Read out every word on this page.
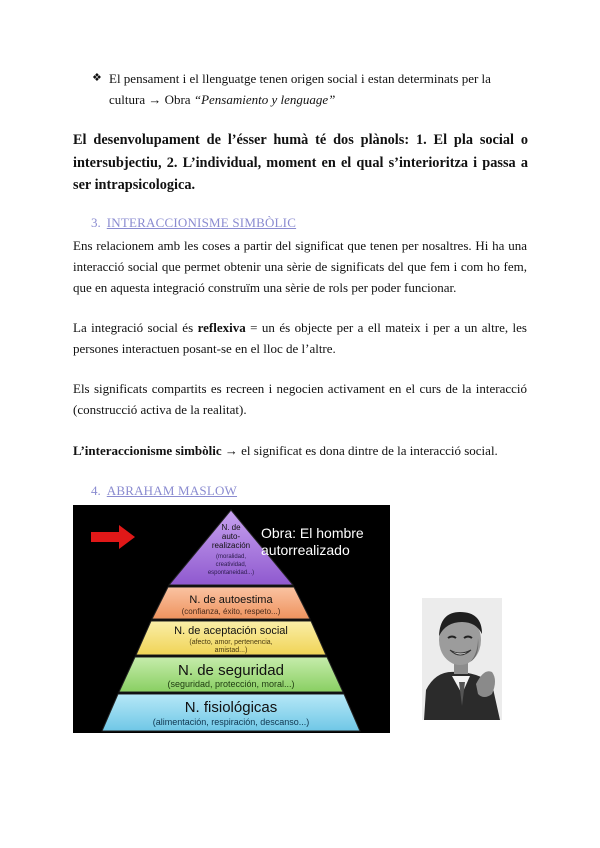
❖ El pensament i el llenguatge tenen origen social i estan determinats per la cultura → Obra “Pensamiento y lenguage”
El desenvolupament de l’ésser humà té dos plànols: 1. El pla social o intersubjectiu, 2. L’individual, moment en el qual s’interioritza i passa a ser intrapsicologica.
3. INTERACCIONISME SIMBÒLIC
Ens relacionem amb les coses a partir del significat que tenen per nosaltres. Hi ha una interacció social que permet obtenir una sèrie de significats del que fem i com ho fem, que en aquesta integració construïm una sèrie de rols per poder funcionar.
La integració social és reflexiva = un és objecte per a ell mateix i per a un altre, les persones interactuen posant-se en el lloc de l’altre.
Els significats compartits es recreen i negocien activament en el curs de la interacció (construcció activa de la realitat).
L’interaccionisme simbòlic → el significat es dona dintre de la interacció social.
4. ABRAHAM MASLOW
N. de
auto-
realización
(moralidad,
creatividad,
espontaneidad...)
N. de autoestima
(confianza, éxito, respeto...)
N. de aceptación social
(afecto, amor, pertenencia,
amistad...)
N. de seguridad
(seguridad, protección, moral...)
N. fisiológicas
(alimentación, respiración, descanso...)
Obra: El hombre
autorrealizado
